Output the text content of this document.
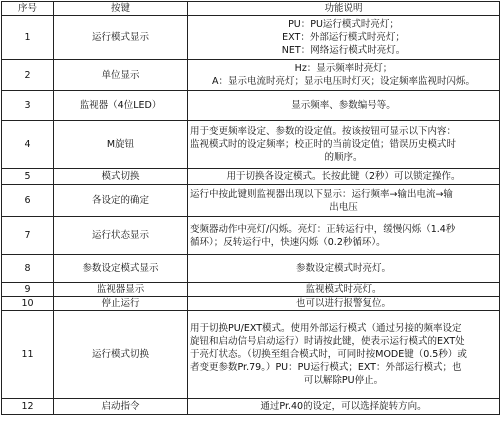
序号	按键	功能说明
1	运行模式显示	PU：PU运行模式时亮灯；
EXT：外部运行模式时亮灯；
NET：网络运行模式时亮灯。

2	单位显示	Hz：显示频率时亮灯；
A：显示电流时亮灯；显示电压时灯灭；设定频率监视时闪烁。

3	监视器（4位LED）	显示频率、参数编号等。

4	M旋钮	用于变更频率设定、参数的设定值。按该按钮可显示以下内容：
监视模式时的设定频率；校正时的当前设定值；错误历史模式时
的顺序。

5	模式切换	用于切换各设定模式。长按此键（2秒）可以锁定操作。

6	各设定的确定	运行中按此键则监视器出现以下显示：运行频率→输出电流→输
出电压

7	运行状态显示	变频器动作中亮灯/闪烁。亮灯：正转运行中，缓慢闪烁（1.4秒
循环）；反转运行中，快速闪烁（0.2秒循环）。

8	参数设定模式显示	参数设定模式时亮灯。

9	监视器显示	监视模式时亮灯。

10	停止运行	也可以进行报警复位。

11	运行模式切换	用于切换PU/EXT模式。使用外部运行模式（通过另接的频率设定
旋钮和启动信号启动运行）时请按此键，使表示运行模式的EXT处
于亮灯状态。（切换至组合模式时，可同时按MODE键（0.5秒）或
者变更参数Pr.79。）PU：PU运行模式；EXT：外部运行模式；也
可以解除PU停止。

12	启动指令	通过Pr.40的设定，可以选择旋转方向。
